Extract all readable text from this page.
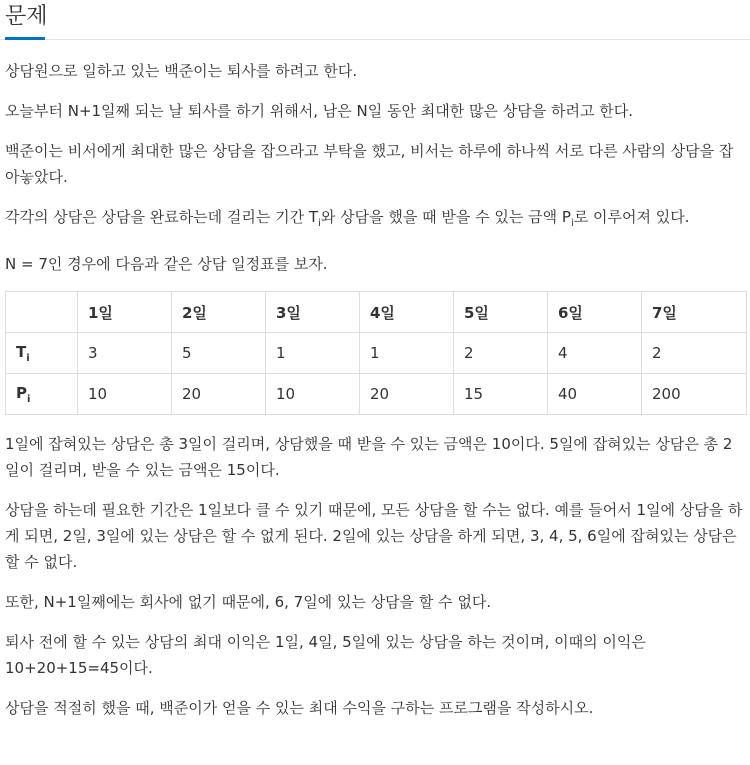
문제

상담원으로 일하고 있는 백준이는 퇴사를 하려고 한다.

오늘부터 N+1일째 되는 날 퇴사를 하기 위해서, 남은 N일 동안 최대한 많은 상담을 하려고 한다.

백준이는 비서에게 최대한 많은 상담을 잡으라고 부탁을 했고, 비서는 하루에 하나씩 서로 다른 사람의 상담을 잡아놓았다.

각각의 상담은 상담을 완료하는데 걸리는 기간 $T_i$와 상담을 했을 때 받을 수 있는 금액 $P_i$로 이루어져 있다.

N = 7인 경우에 다음과 같은 상담 일정표를 보자.

	1일	2일	3일	4일	5일	6일	7일
$T_i$	3	5	1	1	2	4	2
$P_i$	10	20	10	20	15	40	200

1일에 잡혀있는 상담은 총 3일이 걸리며, 상담했을 때 받을 수 있는 금액은 10이다. 5일에 잡혀있는 상담은 총 2일이 걸리며, 받을 수 있는 금액은 15이다.

상담을 하는데 필요한 기간은 1일보다 클 수 있기 때문에, 모든 상담을 할 수는 없다. 예를 들어서 1일에 상담을 하게 되면, 2일, 3일에 있는 상담은 할 수 없게 된다. 2일에 있는 상담을 하게 되면, 3, 4, 5, 6일에 잡혀있는 상담은 할 수 없다.

또한, N+1일째에는 회사에 없기 때문에, 6, 7일에 있는 상담을 할 수 없다.

퇴사 전에 할 수 있는 상담의 최대 이익은 1일, 4일, 5일에 있는 상담을 하는 것이며, 이때의 이익은 10+20+15=45이다.

상담을 적절히 했을 때, 백준이가 얻을 수 있는 최대 수익을 구하는 프로그램을 작성하시오.
